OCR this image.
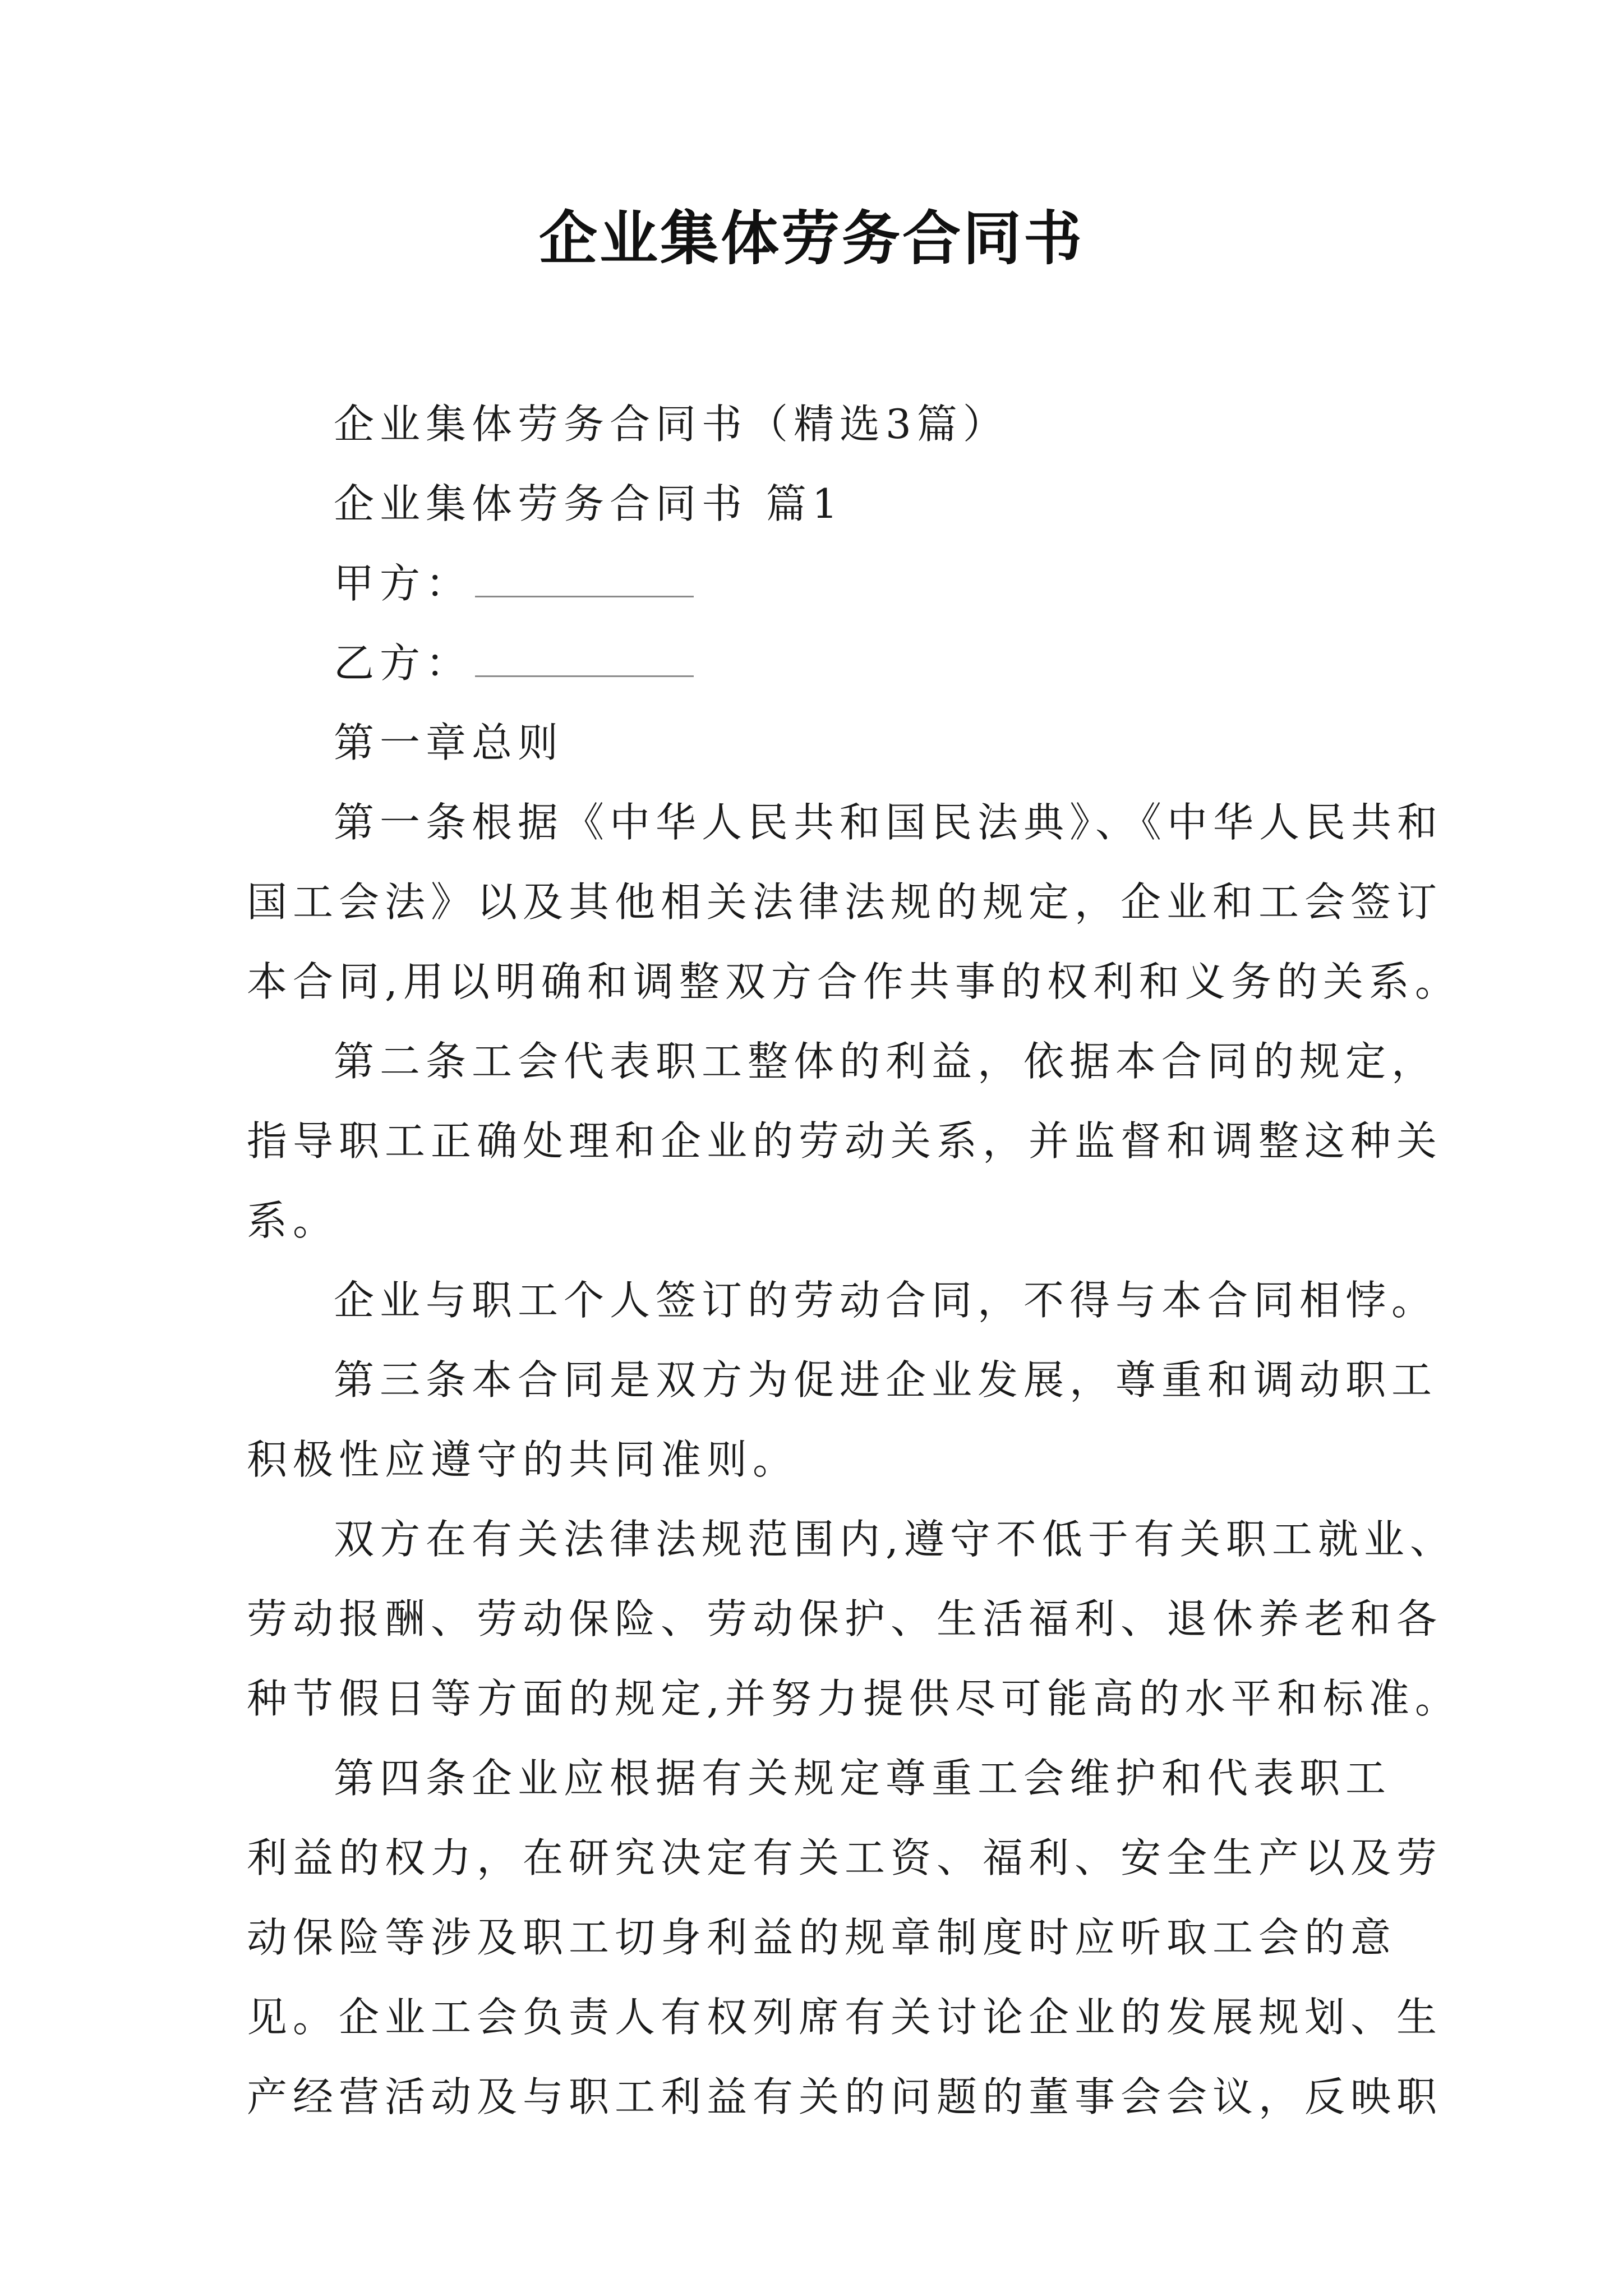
企业集体劳务合同书
企业集体劳务合同书（精选3篇）
企业集体劳务合同书 篇1
甲方：
乙方：
第一章总则
第一条根据《中华人民共和国民法典》、《中华人民共和
国工会法》以及其他相关法律法规的规定，企业和工会签订
本合同,用以明确和调整双方合作共事的权利和义务的关系。
第二条工会代表职工整体的利益，依据本合同的规定，
指导职工正确处理和企业的劳动关系，并监督和调整这种关
系。
企业与职工个人签订的劳动合同，不得与本合同相悖。
第三条本合同是双方为促进企业发展，尊重和调动职工
积极性应遵守的共同准则。
双方在有关法律法规范围内,遵守不低于有关职工就业、
劳动报酬、劳动保险、劳动保护、生活福利、退休养老和各
种节假日等方面的规定,并努力提供尽可能高的水平和标准。
第四条企业应根据有关规定尊重工会维护和代表职工
利益的权力，在研究决定有关工资、福利、安全生产以及劳
动保险等涉及职工切身利益的规章制度时应听取工会的意
见。企业工会负责人有权列席有关讨论企业的发展规划、生
产经营活动及与职工利益有关的问题的董事会会议，反映职
